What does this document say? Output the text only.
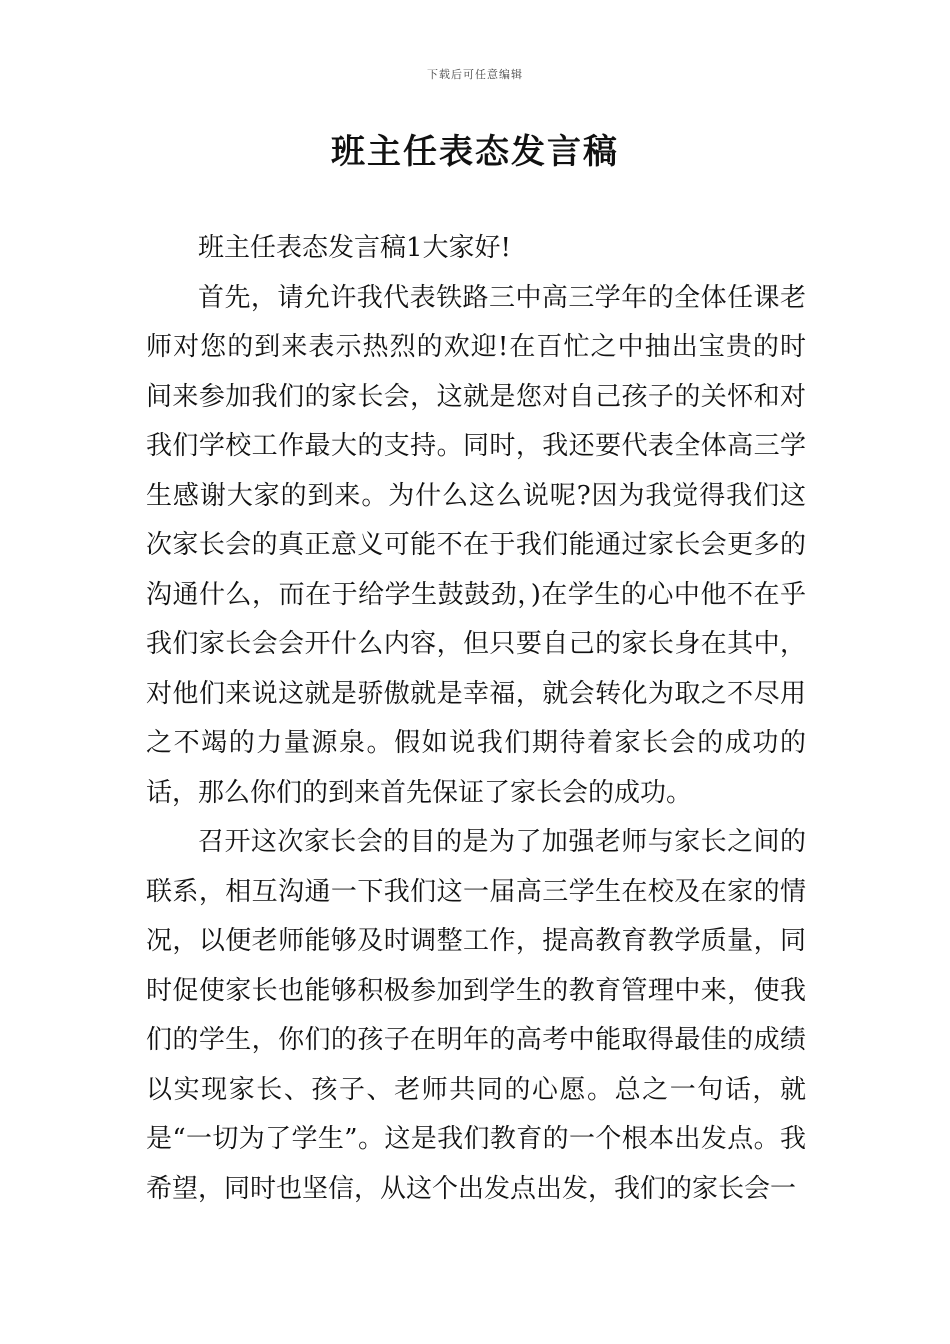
下载后可任意编辑
班主任表态发言稿

班主任表态发言稿1大家好!

首先，请允许我代表铁路三中高三学年的全体任课老师对您的到来表示热烈的欢迎!在百忙之中抽出宝贵的时间来参加我们的家长会，这就是您对自己孩子的关怀和对我们学校工作最大的支持。同时，我还要代表全体高三学生感谢大家的到来。为什么这么说呢?因为我觉得我们这次家长会的真正意义可能不在于我们能通过家长会更多的沟通什么，而在于给学生鼓鼓劲，)在学生的心中他不在乎我们家长会会开什么内容，但只要自己的家长身在其中，对他们来说这就是骄傲就是幸福，就会转化为取之不尽用之不竭的力量源泉。假如说我们期待着家长会的成功的话，那么你们的到来首先保证了家长会的成功。

召开这次家长会的目的是为了加强老师与家长之间的联系，相互沟通一下我们这一届高三学生在校及在家的情况，以便老师能够及时调整工作，提高教育教学质量，同时促使家长也能够积极参加到学生的教育管理中来，使我们的学生，你们的孩子在明年的高考中能取得最佳的成绩以实现家长、孩子、老师共同的心愿。总之一句话，就是“一切为了学生”。这是我们教育的一个根本出发点。我希望，同时也坚信，从这个出发点出发，我们的家长会一
